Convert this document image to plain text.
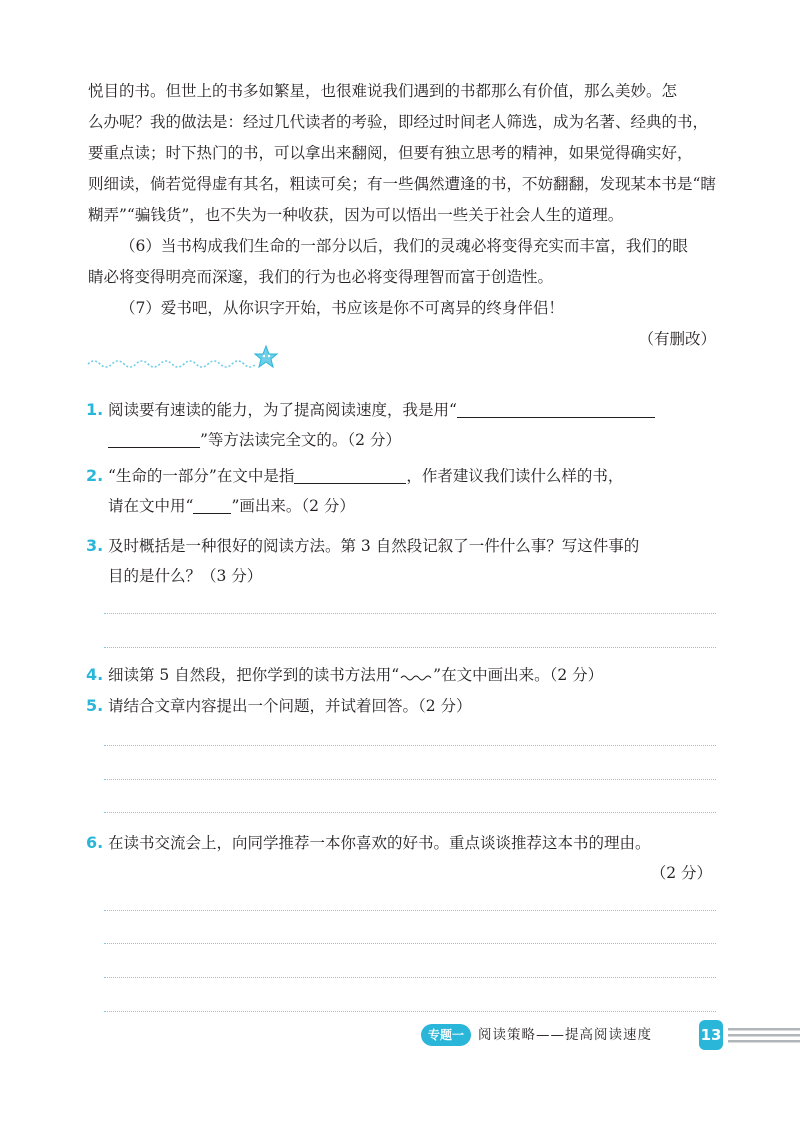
悦目的书。但世上的书多如繁星，也很难说我们遇到的书都那么有价值，那么美妙。怎
么办呢？我的做法是：经过几代读者的考验，即经过时间老人筛选，成为名著、经典的书，
要重点读；时下热门的书，可以拿出来翻阅，但要有独立思考的精神，如果觉得确实好，
则细读，倘若觉得虚有其名，粗读可矣；有一些偶然遭逢的书，不妨翻翻，发现某本书是“瞎
糊弄”“骗钱货”，也不失为一种收获，因为可以悟出一些关于社会人生的道理。
（6）当书构成我们生命的一部分以后，我们的灵魂必将变得充实而丰富，我们的眼
睛必将变得明亮而深邃，我们的行为也必将变得理智而富于创造性。
（7）爱书吧，从你识字开始，书应该是你不可离异的终身伴侣！
（有删改）
1. 阅读要有速读的能力，为了提高阅读速度，我是用“
”等方法读完全文的。（2 分）
2. “生命的一部分”在文中是指	，作者建议我们读什么样的书，
请在文中用“ ”画出来。（2 分）
3. 及时概括是一种很好的阅读方法。第 3 自然段记叙了一件什么事？写这件事的
目的是什么？（3 分）
4. 细读第 5 自然段，把你学到的读书方法用“ ”在文中画出来。（2 分）
5. 请结合文章内容提出一个问题，并试着回答。（2 分）
6. 在读书交流会上，向同学推荐一本你喜欢的好书。重点谈谈推荐这本书的理由。
（2 分）
专题一	阅读策略——提高阅读速度	13
